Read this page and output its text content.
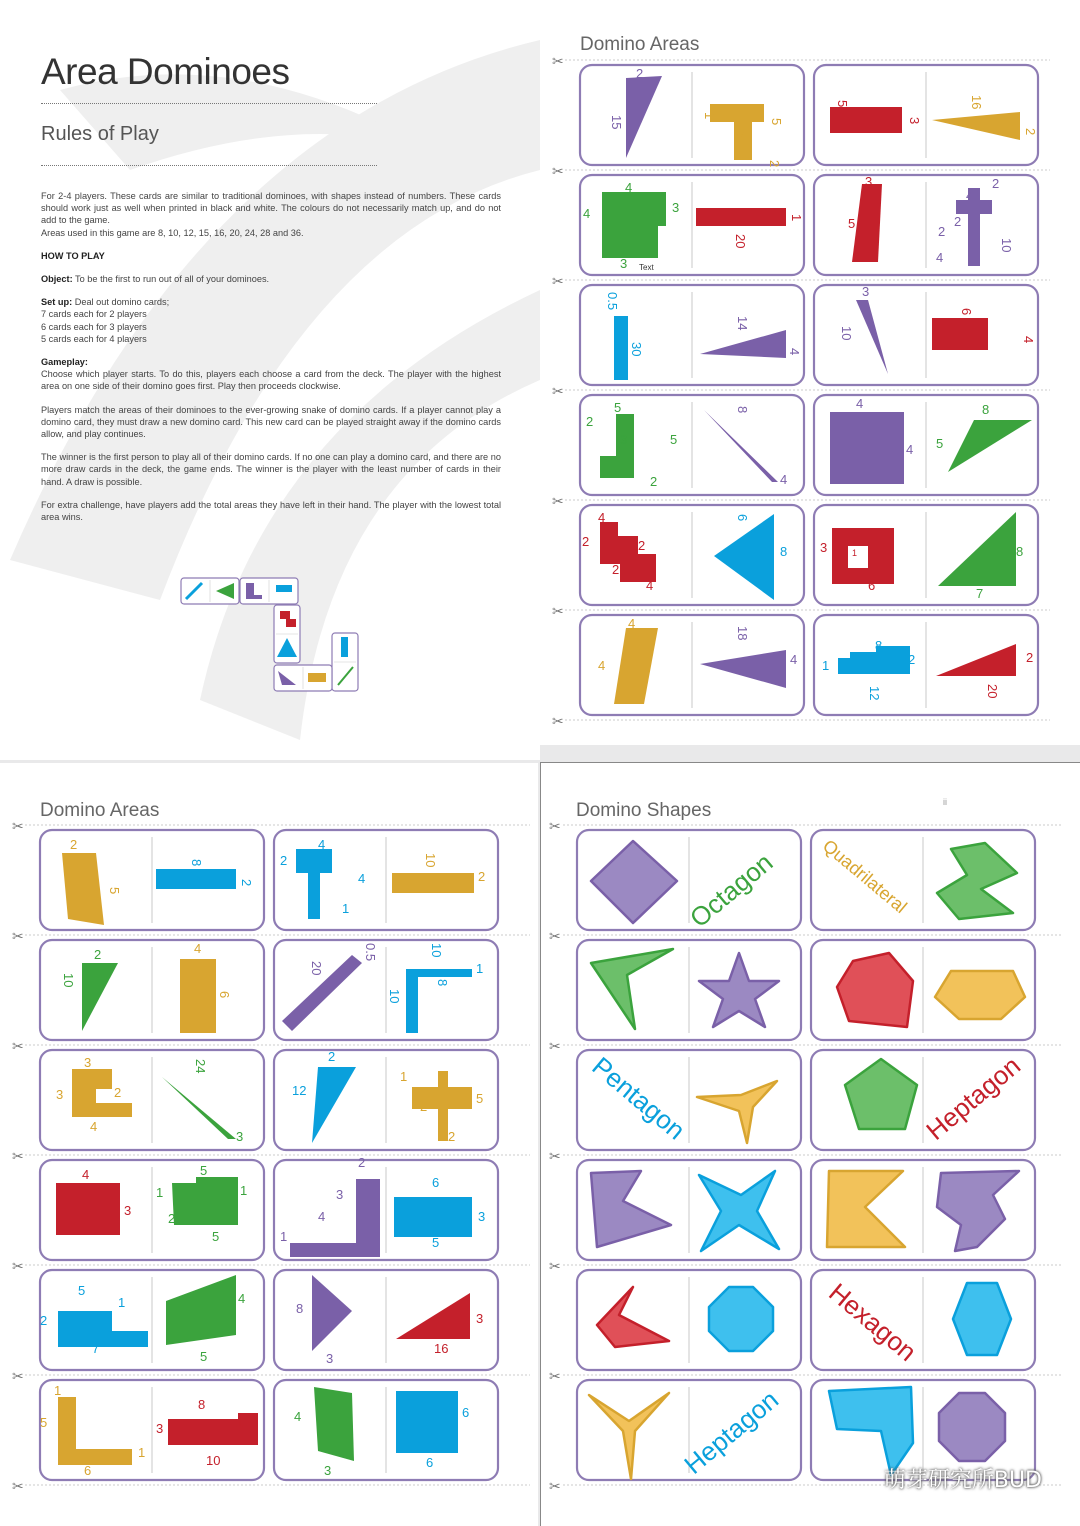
Area Dominoes
Rules of Play

For 2-4 players. These cards are similar to traditional dominoes, with shapes instead of numbers. These cards should work just as well when printed in black and white. The colours do not necessarily match up, and do not add to the game.
Areas used in this game are 8, 10, 12, 15, 16, 20, 24, 28 and 36.

HOW TO PLAY

Object: To be the first to run out of all of your dominoes.

Set up: Deal out domino cards;
7 cards each for 2 players
6 cards each for 3 players
5 cards each for 4 players

Gameplay:
Choose which player starts. To do this, players each choose a card from the deck. The player with the highest area on one side of their domino goes first. Play then proceeds clockwise.

Players match the areas of their dominoes to the ever-growing snake of domino cards. If a player cannot play a domino card, they must draw a new domino card. This new card can be played straight away if the domino cards allow, and play continues.

The winner is the first person to play all of their domino cards. If no one can play a domino card, and there are no more draw cards in the deck, the game ends. The winner is the player with the least number of cards in their hand. A draw is possible.

For extra challenge, have players add the total areas they have left in their hand. The player with the lowest total area wins.

Domino Areas
✂
✂
✂
✂
✂
✂
✂
15
2
5
1
5
2
5
3
16
2
4
4
3
3 Text
20
1
3
5
2
4
2
2
4
10
0.5
30
14
4
3
10
6
4
5
2
3	5
2
8
4
4
4 5
8
4
2	2
2
4
6
8	3
6
1	8
7
4
4
18
4
8
1	2
12	20
2
Domino Areas
✂
✂
✂
✂
✂
✂
✂
2
5
8
2
4
2
4
1
10
2
2
10
4
6
20
0.5	10
8
10
1
3
3	2
4
24
3
2
12
1
2
5
2
4
3
1
2
5
1
5
2
3
4
1
6
6
2
3
5
5
2
1
7
4
5
8
3
16
3
1
5
6
1
8
3	1
10
4
3
6
6
Domino Shapes	ii
✂
✂
✂
✂
✂
✂
✂
Octagon Quadrilateral
Pentagon	Heptagon
Hexagon
Heptagon
萌芽研究所BUD
